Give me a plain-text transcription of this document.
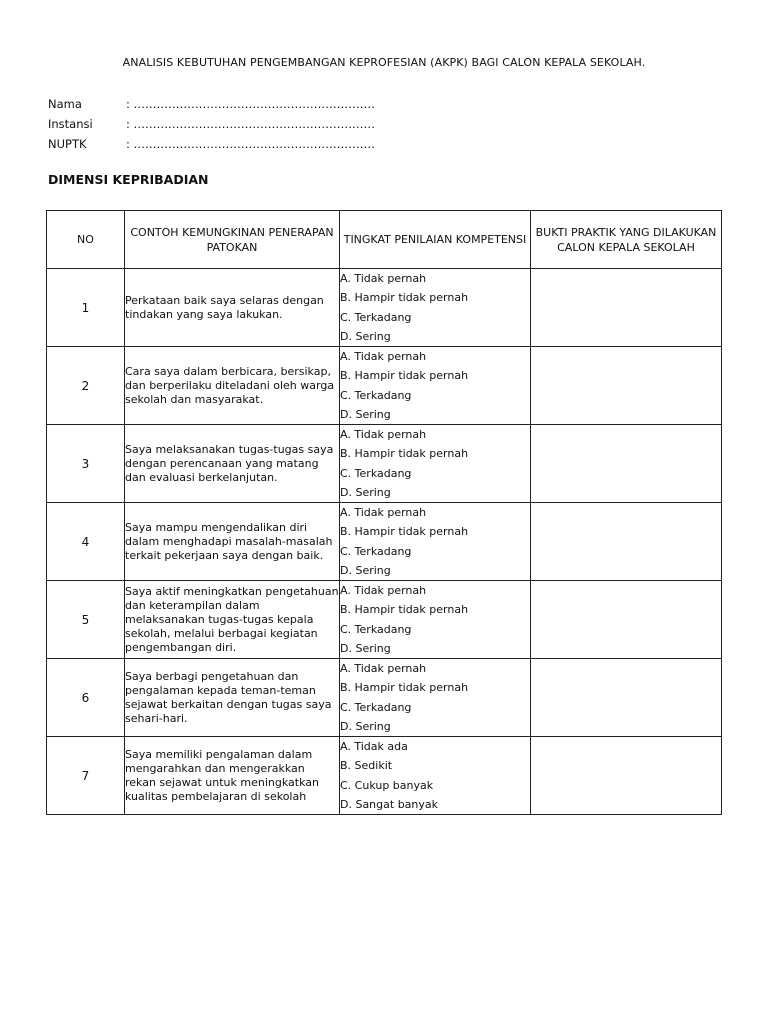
ANALISIS KEBUTUHAN PENGEMBANGAN KEPROFESIAN (AKPK) BAGI CALON KEPALA SEKOLAH.
Nama	: ………………………………………………………
Instansi	: ………………………………………………………
NUPTK	: ………………………………………………………
DIMENSI KEPRIBADIAN
NO	CONTOH KEMUNGKINAN PENERAPAN PATOKAN	TINGKAT PENILAIAN KOMPETENSI	BUKTI PRAKTIK YANG DILAKUKAN CALON KEPALA SEKOLAH
1	Perkataan baik saya selaras dengan tindakan yang saya lakukan.	A. Tidak pernah
B. Hampir tidak pernah
C. Terkadang
D. Sering	

2	Cara saya dalam berbicara, bersikap, dan berperilaku diteladani oleh warga sekolah dan masyarakat.	A. Tidak pernah
B. Hampir tidak pernah
C. Terkadang
D. Sering	

3	Saya melaksanakan tugas-tugas saya dengan perencanaan yang matang dan evaluasi berkelanjutan.	A. Tidak pernah
B. Hampir tidak pernah
C. Terkadang
D. Sering	

4	Saya mampu mengendalikan diri dalam menghadapi masalah-masalah terkait pekerjaan saya dengan baik.	A. Tidak pernah
B. Hampir tidak pernah
C. Terkadang
D. Sering	

5	Saya aktif meningkatkan pengetahuan dan keterampilan dalam melaksanakan tugas-tugas kepala sekolah, melalui berbagai kegiatan pengembangan diri.	A. Tidak pernah
B. Hampir tidak pernah
C. Terkadang
D. Sering	

6	Saya berbagi pengetahuan dan pengalaman kepada teman-teman sejawat berkaitan dengan tugas saya sehari-hari.	A. Tidak pernah
B. Hampir tidak pernah
C. Terkadang
D. Sering	

7	Saya memiliki pengalaman dalam mengarahkan dan mengerakkan rekan sejawat untuk meningkatkan kualitas pembelajaran di sekolah	A. Tidak ada
B. Sedikit
C. Cukup banyak
D. Sangat banyak	
